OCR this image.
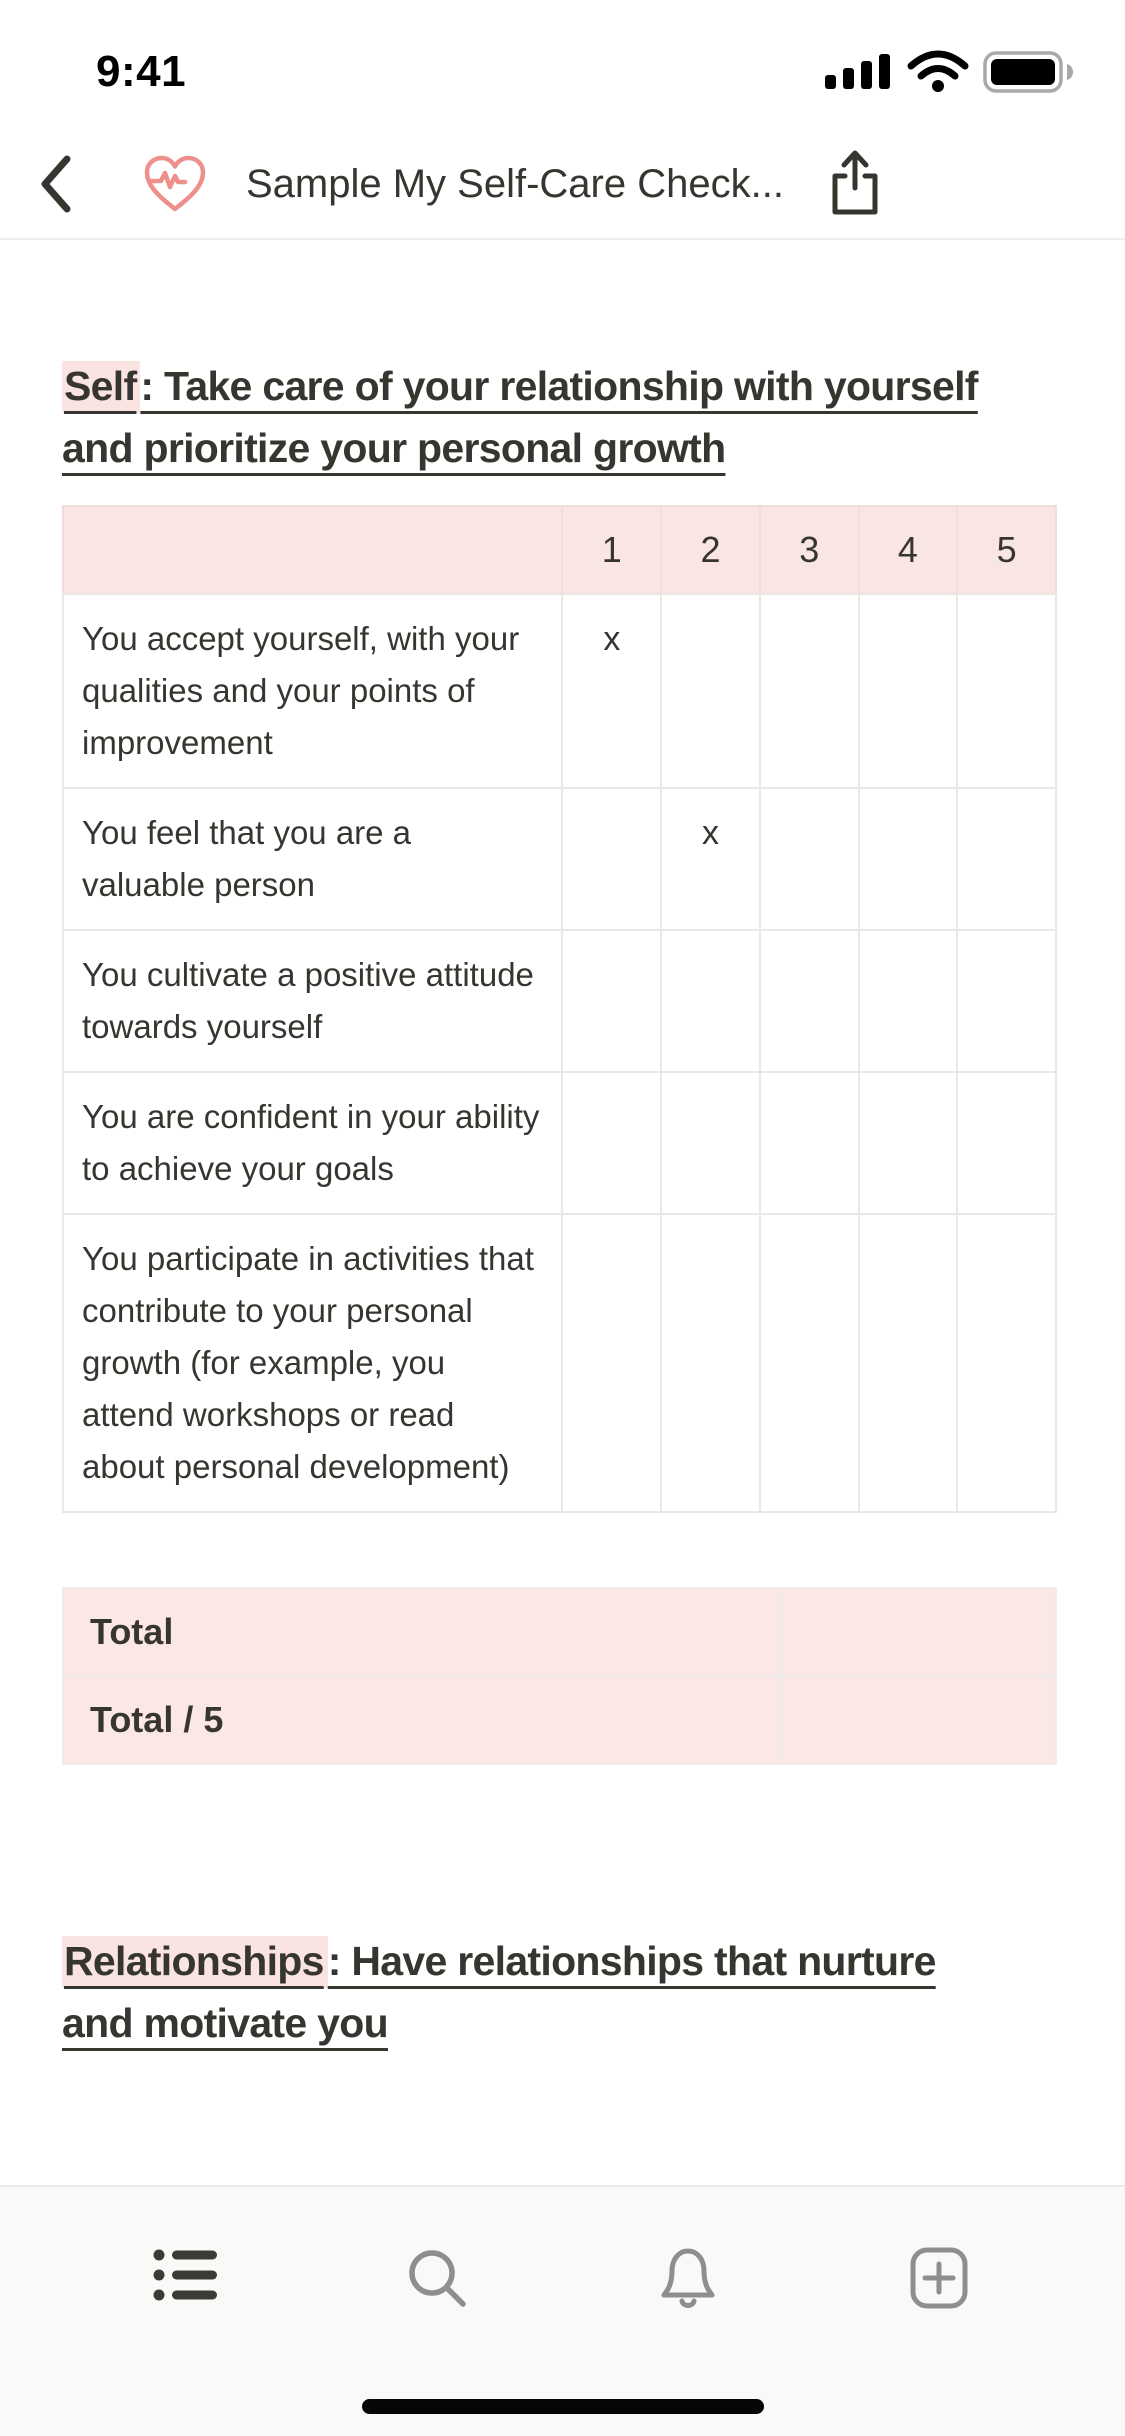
9:41
Sample My Self-Care Check...
Self: Take care of your relationship with yourself
and prioritize your personal growth
	1	2	3	4	5
You accept yourself, with your qualities and your points of improvement	x				
You feel that you are a valuable person		x			
You cultivate a positive attitude towards yourself					
You are confident in your ability to achieve your goals					
You participate in activities that contribute to your personal growth (for example, you attend workshops or read about personal development)					
Total	
Total / 5	
Relationships: Have relationships that nurture
and motivate you
